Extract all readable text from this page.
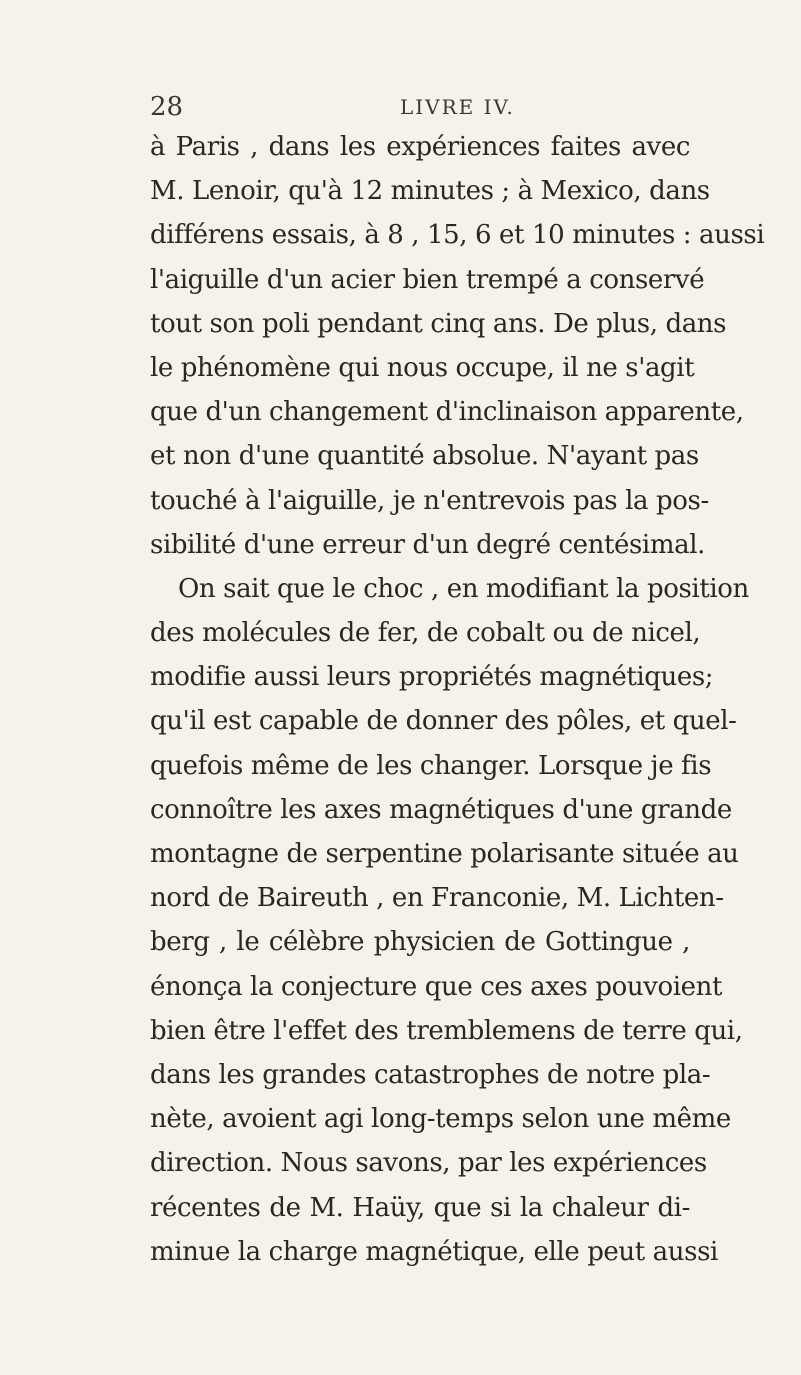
28	LIVRE IV.
à Paris , dans les expériences faites avec
M. Lenoir, qu'à 12 minutes ; à Mexico, dans
différens essais, à 8 , 15, 6 et 10 minutes : aussi
l'aiguille d'un acier bien trempé a conservé
tout son poli pendant cinq ans. De plus, dans
le phénomène qui nous occupe, il ne s'agit
que d'un changement d'inclinaison apparente,
et non d'une quantité absolue. N'ayant pas
touché à l'aiguille, je n'entrevois pas la pos-
sibilité d'une erreur d'un degré centésimal.
On sait que le choc , en modifiant la position
des molécules de fer, de cobalt ou de nicel,
modifie aussi leurs propriétés magnétiques;
qu'il est capable de donner des pôles, et quel-
quefois même de les changer. Lorsque je fis
connoître les axes magnétiques d'une grande
montagne de serpentine polarisante située au
nord de Baireuth , en Franconie, M. Lichten-
berg , le célèbre physicien de Gottingue ,
énonça la conjecture que ces axes pouvoient
bien être l'effet des tremblemens de terre qui,
dans les grandes catastrophes de notre pla-
nète, avoient agi long-temps selon une même
direction. Nous savons, par les expériences
récentes de M. Haüy, que si la chaleur di-
minue la charge magnétique, elle peut aussi
